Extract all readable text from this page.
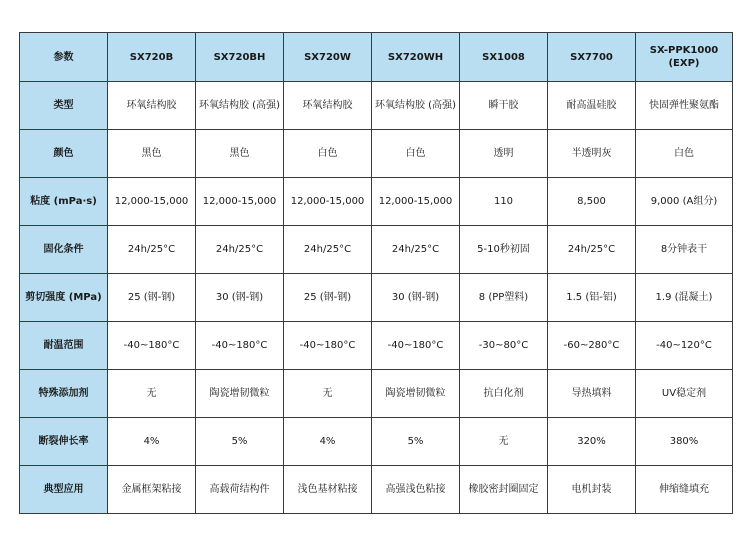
参数	SX720B	SX720BH	SX720W	SX720WH	SX1008	SX7700	SX-PPK1000 (EXP)
类型	环氧结构胶	环氧结构胶 (高强)	环氧结构胶	环氧结构胶 (高强)	瞬干胶	耐高温硅胶	快固弹性聚氨酯
颜色	黑色	黑色	白色	白色	透明	半透明灰	白色
粘度 (mPa·s)	12,000-15,000	12,000-15,000	12,000-15,000	12,000-15,000	110	8,500	9,000 (A组分)
固化条件	24h/25°C	24h/25°C	24h/25°C	24h/25°C	5-10秒初固	24h/25°C	8分钟表干
剪切强度 (MPa)	25 (钢-钢)	30 (钢-钢)	25 (钢-钢)	30 (钢-钢)	8 (PP塑料)	1.5 (铝-铝)	1.9 (混凝土)
耐温范围	-40~180°C	-40~180°C	-40~180°C	-40~180°C	-30~80°C	-60~280°C	-40~120°C
特殊添加剂	无	陶瓷增韧微粒	无	陶瓷增韧微粒	抗白化剂	导热填料	UV稳定剂
断裂伸长率	4%	5%	4%	5%	无	320%	380%
典型应用	金属框架粘接	高载荷结构件	浅色基材粘接	高强浅色粘接	橡胶密封圈固定	电机封装	伸缩缝填充
